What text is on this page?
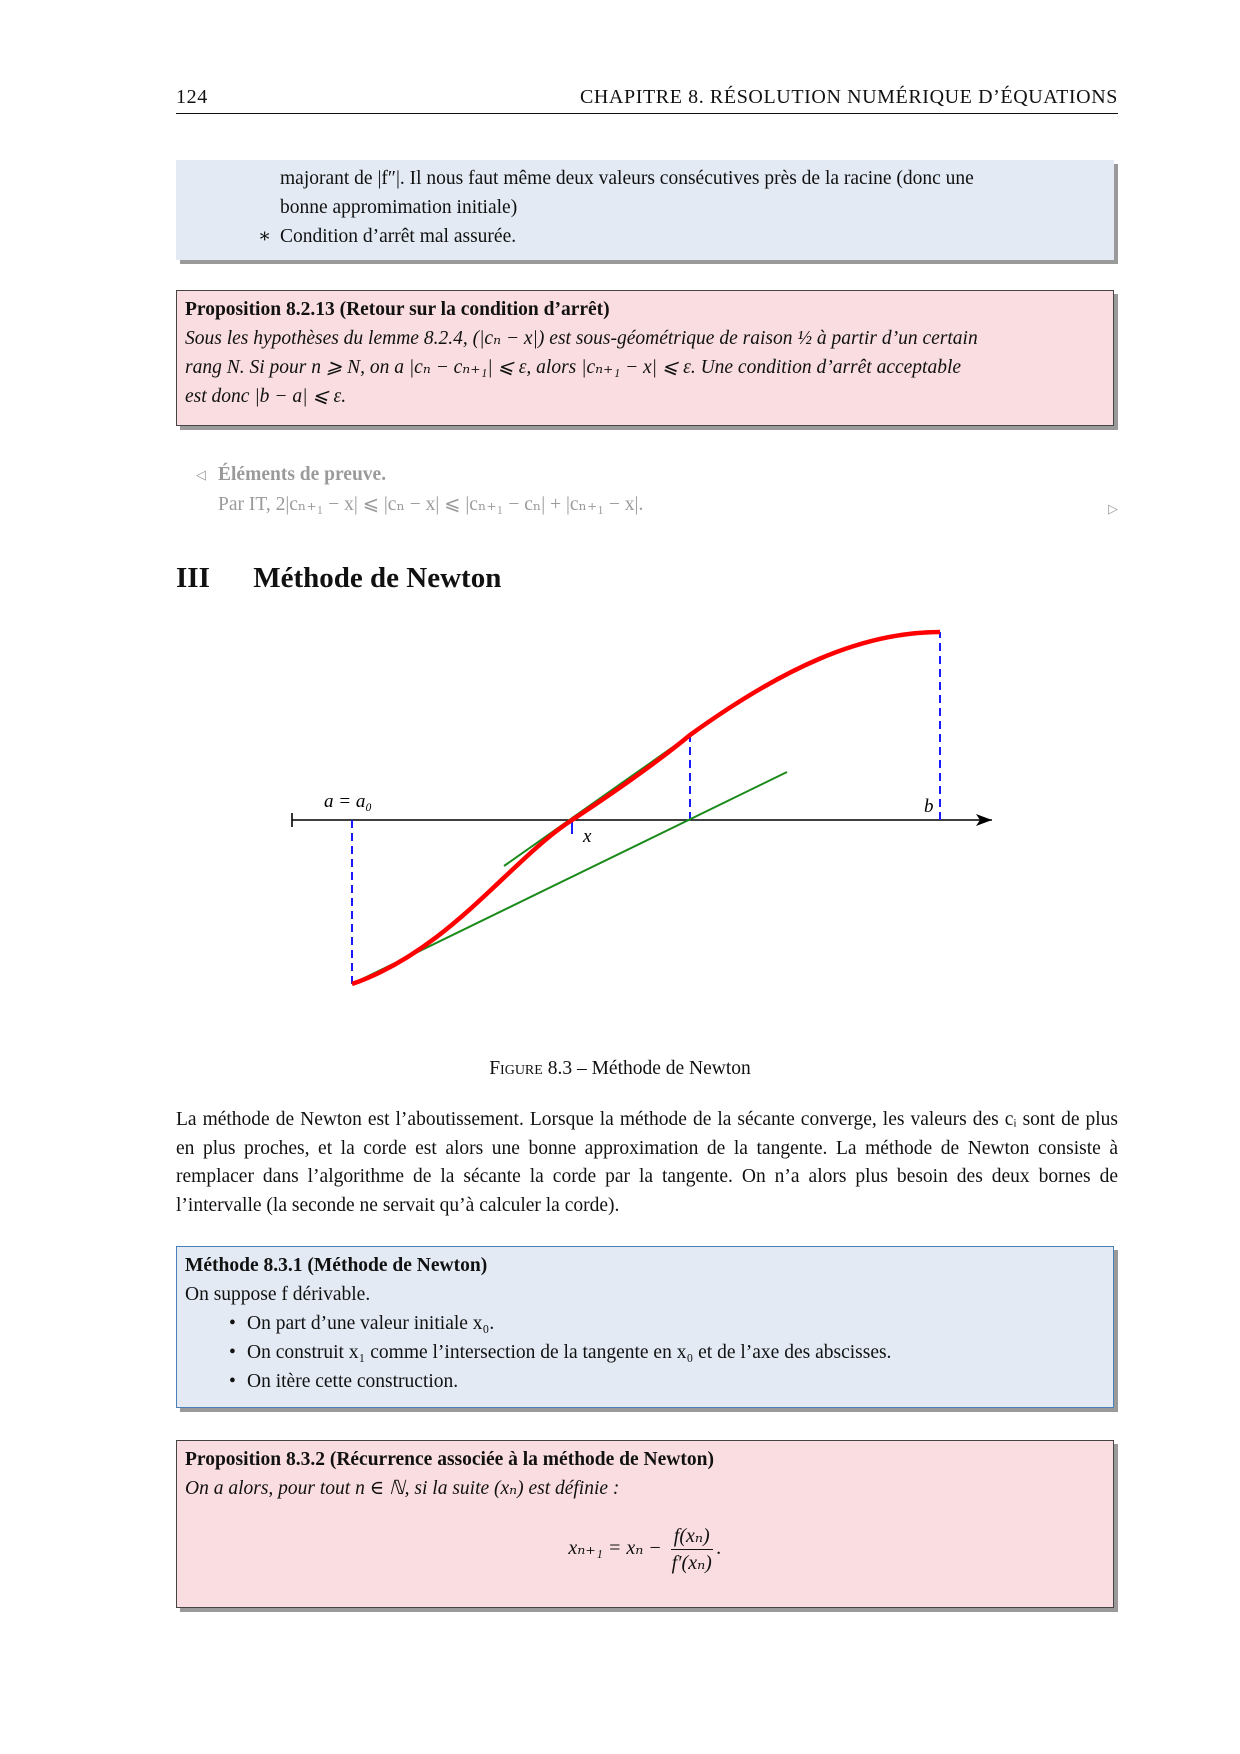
124	CHAPITRE 8. RÉSOLUTION NUMÉRIQUE D’ÉQUATIONS
majorant de |f″|. Il nous faut même deux valeurs consécutives près de la racine (donc une
bonne appromimation initiale)
∗ Condition d’arrêt mal assurée.
Proposition 8.2.13 (Retour sur la condition d’arrêt)
Sous les hypothèses du lemme 8.2.4, (|cₙ − x|) est sous-géométrique de raison ½ à partir d’un certain
rang N. Si pour n ⩾ N, on a |cₙ − cₙ₊₁| ⩽ ε, alors |cₙ₊₁ − x| ⩽ ε. Une condition d’arrêt acceptable
est donc |b − a| ⩽ ε.
◁ Éléments de preuve.
Par IT, 2|cₙ₊₁ − x| ⩽ |cₙ − x| ⩽ |cₙ₊₁ − cₙ| + |cₙ₊₁ − x|.	▷
III Méthode de Newton
a = a₀	b
x
Figure 8.3 – Méthode de Newton
La méthode de Newton est l’aboutissement. Lorsque la méthode de la sécante converge, les valeurs des cᵢ sont de plus en plus proches, et la corde est alors une bonne approximation de la tangente. La méthode de Newton consiste à remplacer dans l’algorithme de la sécante la corde par la tangente. On n’a alors plus besoin des deux bornes de l’intervalle (la seconde ne servait qu’à calculer la corde).
Méthode 8.3.1 (Méthode de Newton)
On suppose f dérivable.
• On part d’une valeur initiale x₀.
• On construit x₁ comme l’intersection de la tangente en x₀ et de l’axe des abscisses.
• On itère cette construction.
Proposition 8.3.2 (Récurrence associée à la méthode de Newton)
On a alors, pour tout n ∈ ℕ, si la suite (xₙ) est définie :
$x_{n+1} = x_n - \frac{\text{f(xₙ)}}{\text{f′(xₙ)}}$ .
